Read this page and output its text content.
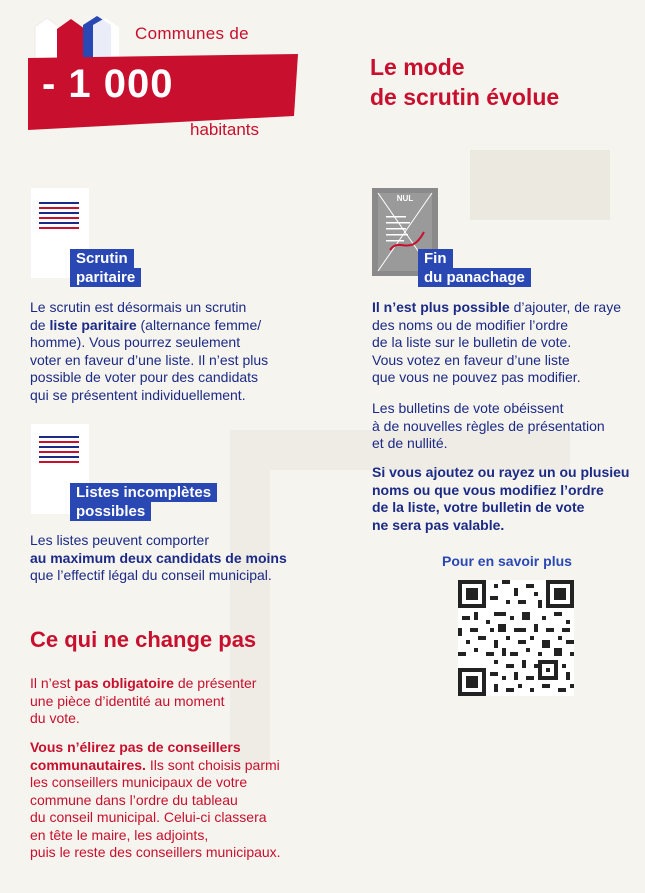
Communes de
- 1 000
habitants
Le mode
de scrutin évolue
Scrutin
paritaire
Le scrutin est désormais un scrutin
de liste paritaire (alternance femme/
homme). Vous pourrez seulement
voter en faveur d’une liste. Il n’est plus
possible de voter pour des candidats
qui se présentent individuellement.
Listes incomplètes
possibles
Les listes peuvent comporter
au maximum deux candidats de moins
que l’effectif légal du conseil municipal.
Ce qui ne change pas
Il n’est pas obligatoire de présenter
une pièce d’identité au moment
du vote.
Vous n’élirez pas de conseillers
communautaires. Ils sont choisis parmi
les conseillers municipaux de votre
commune dans l’ordre du tableau
du conseil municipal. Celui-ci classera
en tête le maire, les adjoints,
puis le reste des conseillers municipaux.
NUL
Fin
du panachage
Il n’est plus possible d’ajouter, de raye
des noms ou de modifier l’ordre
de la liste sur le bulletin de vote.
Vous votez en faveur d’une liste
que vous ne pouvez pas modifier.
Les bulletins de vote obéissent
à de nouvelles règles de présentation
et de nullité.
Si vous ajoutez ou rayez un ou plusieu
noms ou que vous modifiez l’ordre
de la liste, votre bulletin de vote
ne sera pas valable.
Pour en savoir plus
